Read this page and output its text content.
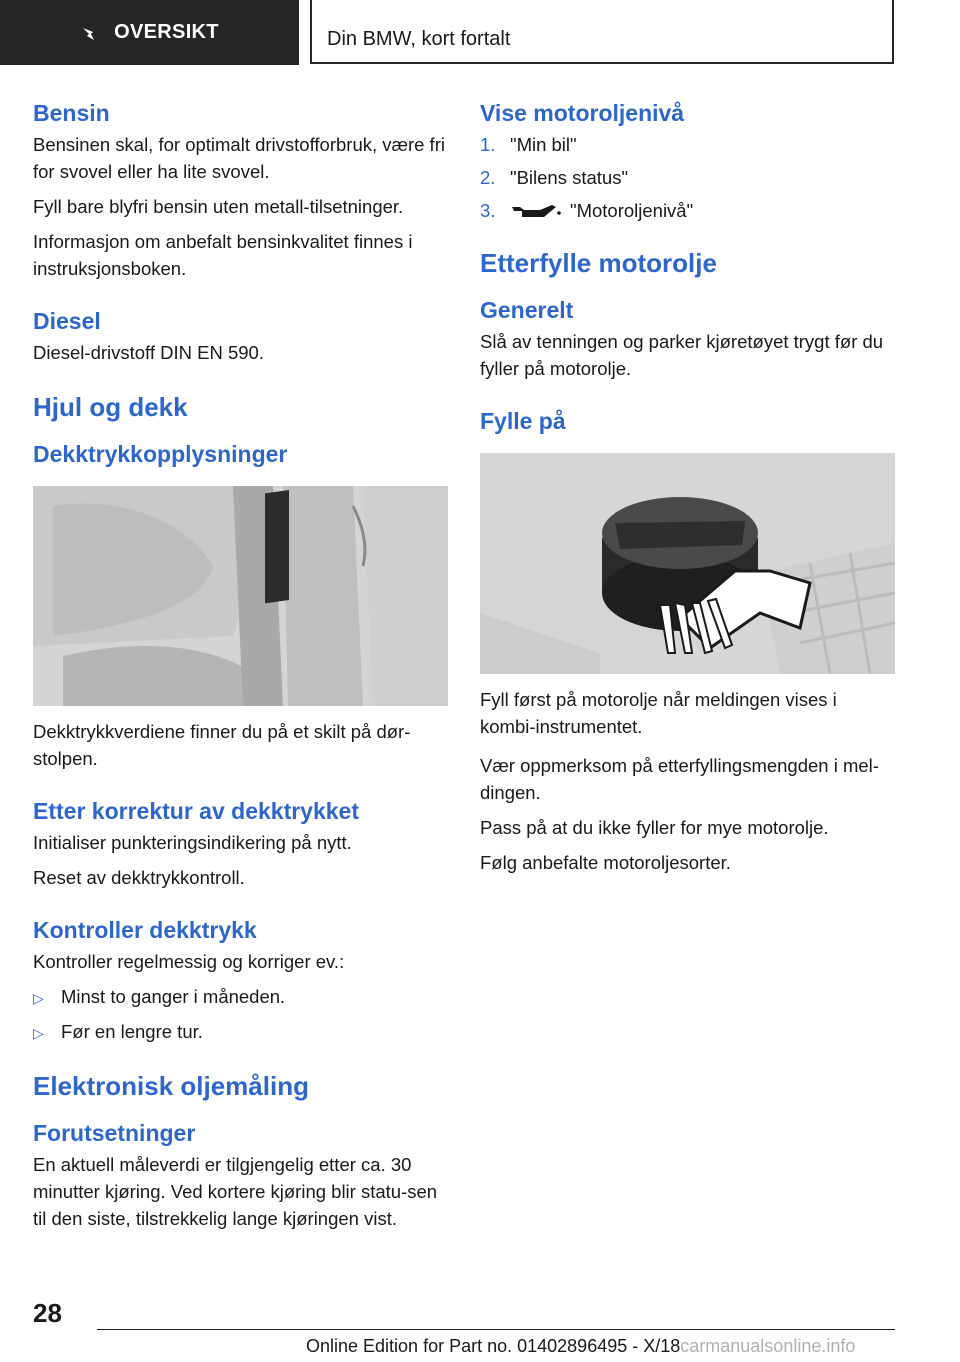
OVERSIKT	Din BMW, kort fortalt
Bensin

Bensinen skal, for optimalt drivstofforbruk, være fri for svovel eller ha lite svovel.

Fyll bare blyfri bensin uten metall-tilsetninger.

Informasjon om anbefalt bensinkvalitet finnes i instruksjonsboken.

Diesel

Diesel-drivstoff DIN EN 590.

Hjul og dekk
Dekktrykkopplysninger

Dekktrykkverdiene finner du på et skilt på dør-stolpen.

Etter korrektur av dekktrykket

Initialiser punkteringsindikering på nytt.

Reset av dekktrykkontroll.

Kontroller dekktrykk

Kontroller regelmessig og korriger ev.:

▷ Minst to ganger i måneden.
▷ Før en lengre tur.
Elektronisk oljemåling
Forutsetninger

En aktuell måleverdi er tilgjengelig etter ca. 30 minutter kjøring. Ved kortere kjøring blir statu-sen til den siste, tilstrekkelig lange kjøringen vist.

Vise motoroljenivå
1. "Min bil"
2. "Bilens status"
3.	"Motoroljenivå"
Etterfylle motorolje
Generelt

Slå av tenningen og parker kjøretøyet trygt før du fyller på motorolje.

Fylle på

Fyll først på motorolje når meldingen vises i kombi-instrumentet.

Vær oppmerksom på etterfyllingsmengden i mel-dingen.

Pass på at du ikke fyller for mye motorolje.

Følg anbefalte motoroljesorter.

28
Online Edition for Part no. 01402896495 - X/18carmanualsonline.info
